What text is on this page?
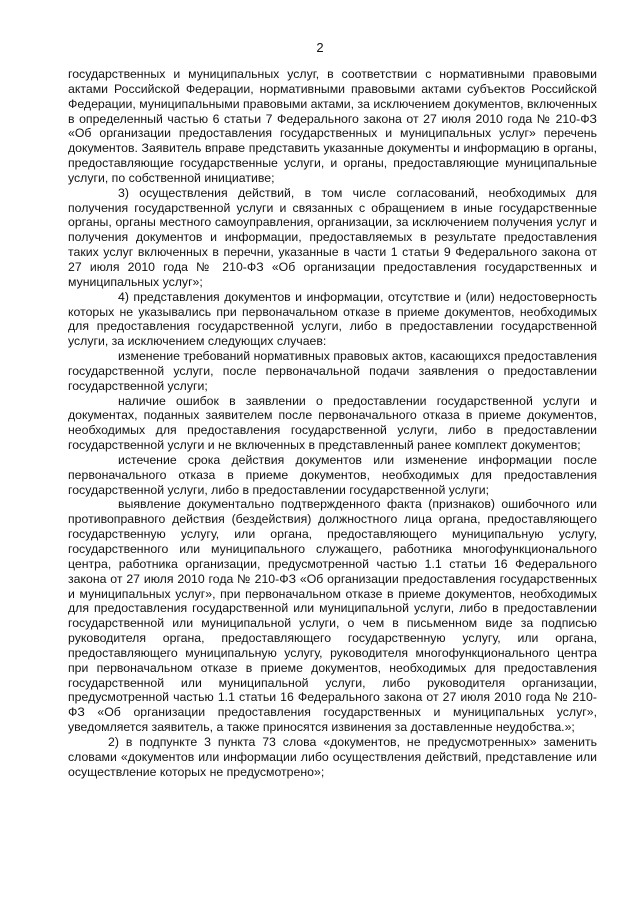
2

государственных и муниципальных услуг, в соответствии с нормативными правовыми актами Российской Федерации, нормативными правовыми актами субъектов Российской Федерации, муниципальными правовыми актами, за исключением документов, включенных в определенный частью 6 статьи 7 Федерального закона от 27 июля 2010 года № 210-ФЗ «Об организации предоставления государственных и муниципальных услуг» перечень документов. Заявитель вправе представить указанные документы и информацию в органы, предоставляющие государственные услуги, и органы, предоставляющие муниципальные услуги, по собственной инициативе;

3) осуществления действий, в том числе согласований, необходимых для получения государственной услуги и связанных с обращением в иные государственные органы, органы местного самоуправления, организации, за исключением получения услуг и получения документов и информации, предоставляемых в результате предоставления таких услуг включенных в перечни, указанные в части 1 статьи 9 Федерального закона от 27 июля 2010 года № 210-ФЗ «Об организации предоставления государственных и муниципальных услуг»;

4) представления документов и информации, отсутствие и (или) недостоверность которых не указывались при первоначальном отказе в приеме документов, необходимых для предоставления государственной услуги, либо в предоставлении государственной услуги, за исключением следующих случаев:

изменение требований нормативных правовых актов, касающихся предоставления государственной услуги, после первоначальной подачи заявления о предоставлении государственной услуги;

наличие ошибок в заявлении о предоставлении государственной услуги и документах, поданных заявителем после первоначального отказа в приеме документов, необходимых для предоставления государственной услуги, либо в предоставлении государственной услуги и не включенных в представленный ранее комплект документов;

истечение срока действия документов или изменение информации после первоначального отказа в приеме документов, необходимых для предоставления государственной услуги, либо в предоставлении государственной услуги;

выявление документально подтвержденного факта (признаков) ошибочного или противоправного действия (бездействия) должностного лица органа, предоставляющего государственную услугу, или органа, предоставляющего муниципальную услугу, государственного или муниципального служащего, работника многофункционального центра, работника организации, предусмотренной частью 1.1 статьи 16 Федерального закона от 27 июля 2010 года № 210-ФЗ «Об организации предоставления государственных и муниципальных услуг», при первоначальном отказе в приеме документов, необходимых для предоставления государственной или муниципальной услуги, либо в предоставлении государственной или муниципальной услуги, о чем в письменном виде за подписью руководителя органа, предоставляющего государственную услугу, или органа, предоставляющего муниципальную услугу, руководителя многофункционального центра при первоначальном отказе в приеме документов, необходимых для предоставления государственной или муниципальной услуги, либо руководителя организации, предусмотренной частью 1.1 статьи 16 Федерального закона от 27 июля 2010 года № 210-ФЗ «Об организации предоставления государственных и муниципальных услуг», уведомляется заявитель, а также приносятся извинения за доставленные неудобства.»;

2) в подпункте 3 пункта 73 слова «документов, не предусмотренных» заменить словами «документов или информации либо осуществления действий, представление или осуществление которых не предусмотрено»;
